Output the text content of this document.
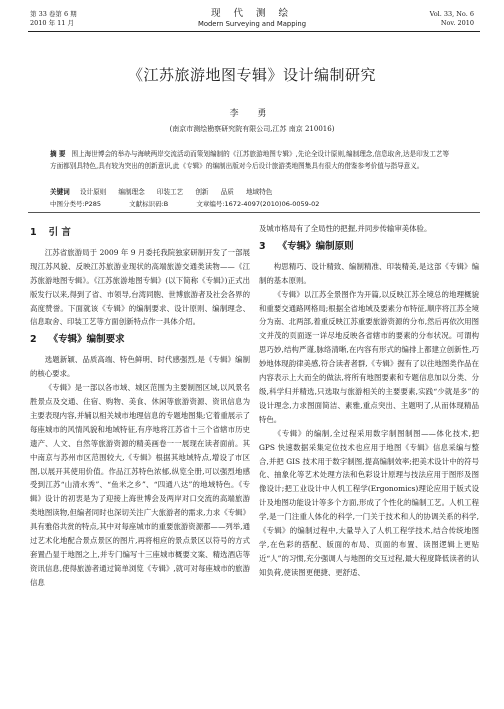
第 33 卷第 6 期
2010 年 11 月
现 代 测 绘
Modern Surveying and Mapping
Vol. 33, No. 6
Nov. 2010
《江苏旅游地图专辑》设计编制研究
李 勇
(南京市测绘勘察研究院有限公司,江苏 南京 210016)
摘 要 围上海世博会的举办与海峡两岸交流活动而策划编制的《江苏旅游地图专辑》,先论全设计原则,编制理念,信息取舍,达是印发工艺等方面都别具特色,具有较为突出的创新意识,此《专辑》的编制出版对今后设计旅游类地图集具有很大的借鉴参考价值与指导意义。
关键词 设计原则 编制理念 印装工艺 创新 品质 地域特色
中图分类号:P285	文献标识码:B	文章编号:1672-4097(2010)06-0059-02
1 引 言

江苏省旅游局于 2009 年 9 月委托我院独家研制开发了一部展现江苏风貌、反映江苏旅游业现状的高端旅游交通类读物——《江苏旅游地图专辑》。《江苏旅游地图专辑》(以下简称《专辑》)正式出版发行以来,得到了省、市领导,台湾同胞、世博旅游者及社会各界的高度赞誉。下面就该《专辑》的编制要求、设计原则、编制理念、信息取舍、印装工艺等方面创新特点作一具体介绍。

2 《专辑》编制要求

选题新颖、品质高端、特色鲜明、时代感强烈,是《专辑》编制的核心要求。

《专辑》是一部以各市域、城区范围为主要制图区域,以风景名胜景点及交通、住宿、购物、美食、休闲等旅游资源、资讯信息为主要表现内容,并辅以相关城市地理信息的专题地图集;它着重展示了每座城市的风情风貌和地域特征,有序地将江苏省十三个省辖市历史遗产、人文、自然等旅游资源的精美画卷一一展现在读者面前。其中南京与苏州市区范围较大,《专辑》根据其地域特点,增设了市区图,以展开其使用价值。作品江苏特色浓郁,纵览全册,可以强烈地感受到江苏“山清水秀”、“鱼米之乡”、“四通八达”的地域特色。《专辑》设计的初衷是为了迎接上海世博会及两岸对口交流的高端旅游类地图读物,但编者同时也深切关注广大旅游者的需求,力求《专辑》具有雅俗共赏的特点,其中对每座城市的重要旅游资源都——列举,通过艺术化地配合景点景区的图片,再将相应的景点景区以符号的方式套置凸显于地图之上,并专门编写十三座城市概要文案、精选酒店等资讯信息,使得旅游者通过简单浏览《专辑》,就可对每座城市的旅游信息

及城市格局有了全局性的把握,并同步传输审美体验。

3 《专辑》编制原则

构思精巧、设计精致、编制精准、印装精美,是这部《专辑》编制的基本原则。

《专辑》以江苏全景图作为开篇,以反映江苏全境总的地理概貌和重要交通路网格局;根据全省地域及要素分布特征,顺序将江苏全境分为南、北两部,着重反映江苏重要旅游资源的分布,然后再依次用图文并茂的页面逐一详尽地反映各省辖市的要素的分布状况。可谓构思巧妙,结构严谨,脉络清晰,在内容有形式的编排上都建立创新性,巧妙地体现韵律美感,符合读者者群,《专辑》握有了以往地图类作品在内容表示上大而全的做法,将所有地图要素和专题信息加以分类、分级,科学归并精选,只选取与旅游相关的主要要素,实践“少就是多”的设计理念,力求图面简洁、素雅,重点突出、主题明了,从而体现精品特色。

《专辑》的编制,全过程采用数字制图制图——体化技术,把 GPS 快速数据采集定位技术也应用于地图《专辑》信息采编与整合,并把 GIS 技术用于数字制图,提高编制效率;把美术设计中的符号化、抽象化等艺术处理方法和色彩设计原理与技法应用于图形及图像设计;把工业设计中人机工程学(Ergonomics)理论应用于版式设计及地图功能设计等多个方面,形成了个性化的编制工艺。人机工程学,是一门注重人体化的科学,一门关于技术和人的协调关系的科学,《专辑》的编制过程中,大量导入了人机工程学技术,结合传统地图学,在色彩的搭配、版面的布局、页面的布置、读图逻辑上更贴近“人”的习惯,充分强调人与地图的交互过程,最大程度降低读者的认知负荷,使读图更便捷、更舒适、
